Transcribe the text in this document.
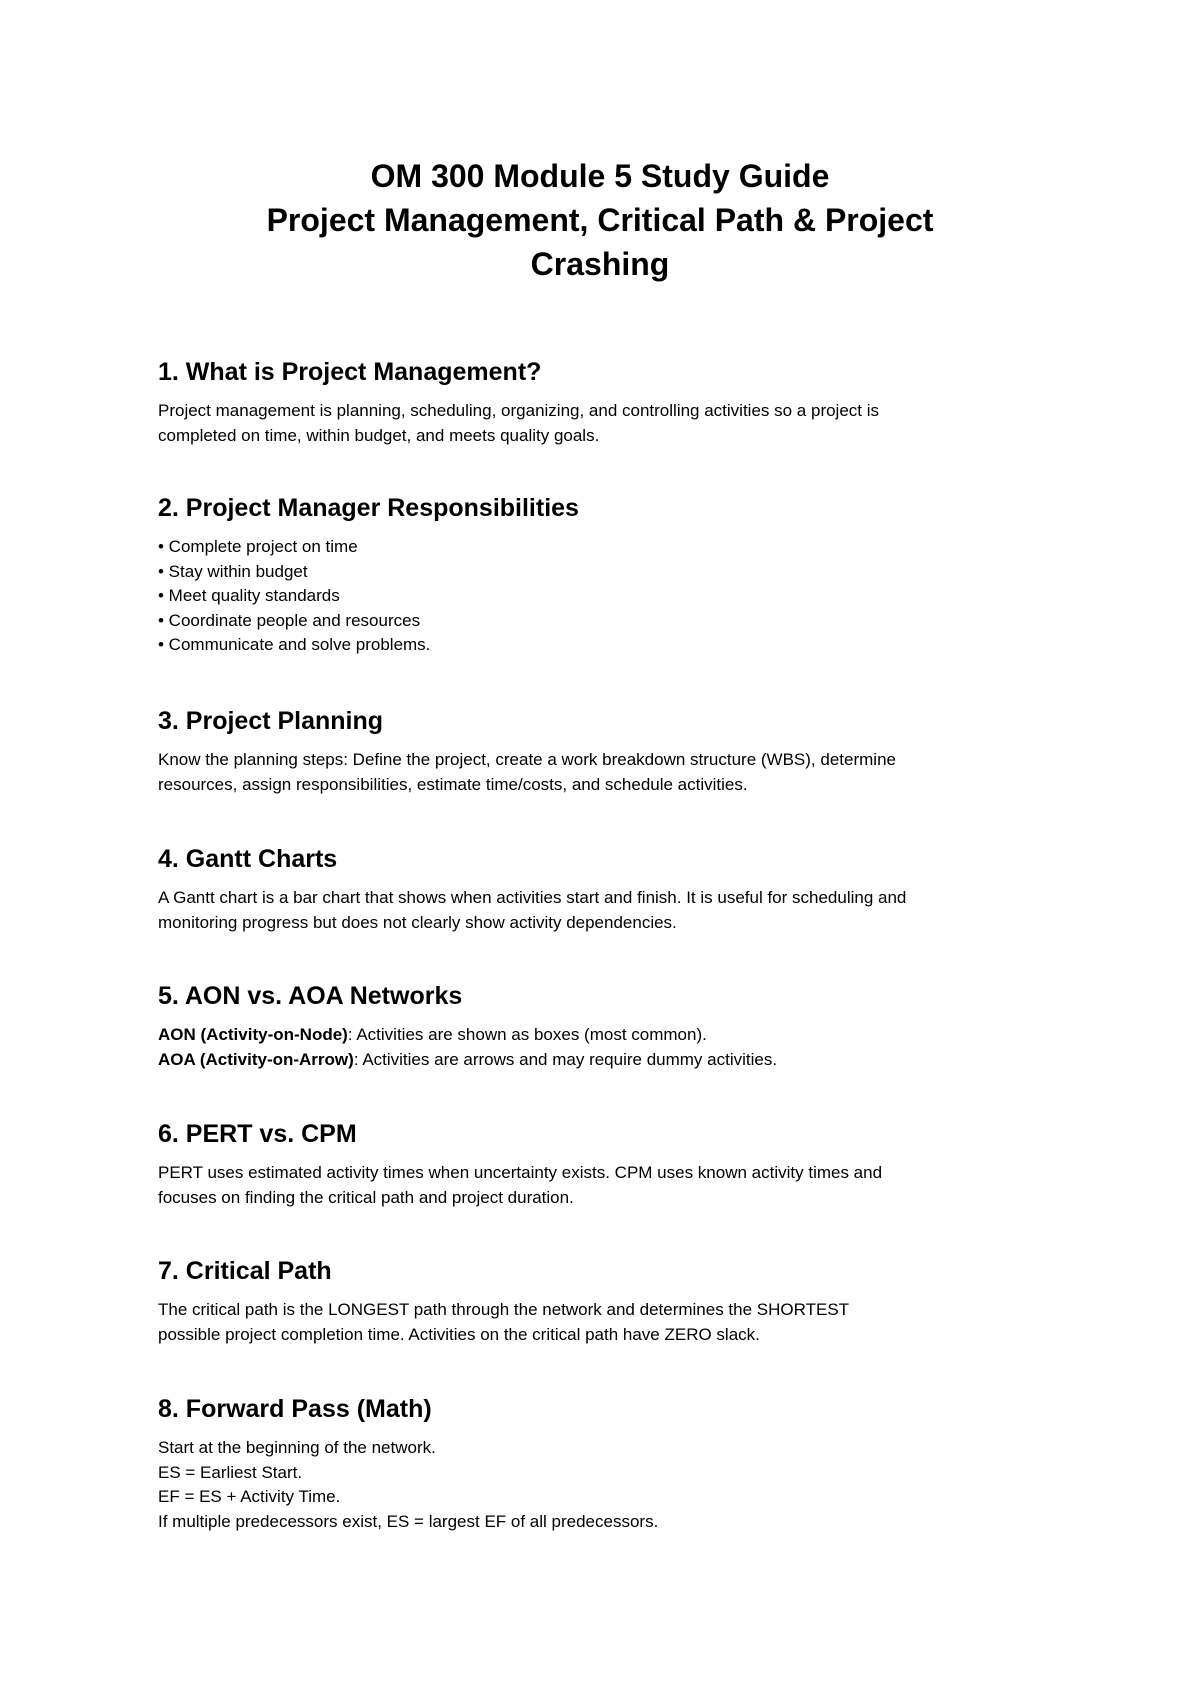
OM 300 Module 5 Study Guide
Project Management, Critical Path & Project
Crashing
1. What is Project Management?

Project management is planning, scheduling, organizing, and controlling activities so a project is
completed on time, within budget, and meets quality goals.

2. Project Manager Responsibilities
• Complete project on time
• Stay within budget
• Meet quality standards
• Coordinate people and resources
• Communicate and solve problems.
3. Project Planning

Know the planning steps: Define the project, create a work breakdown structure (WBS), determine
resources, assign responsibilities, estimate time/costs, and schedule activities.

4. Gantt Charts

A Gantt chart is a bar chart that shows when activities start and finish. It is useful for scheduling and
monitoring progress but does not clearly show activity dependencies.

5. AON vs. AOA Networks

AON (Activity-on-Node): Activities are shown as boxes (most common).
AOA (Activity-on-Arrow): Activities are arrows and may require dummy activities.

6. PERT vs. CPM

PERT uses estimated activity times when uncertainty exists. CPM uses known activity times and
focuses on finding the critical path and project duration.

7. Critical Path

The critical path is the LONGEST path through the network and determines the SHORTEST
possible project completion time. Activities on the critical path have ZERO slack.

8. Forward Pass (Math)

Start at the beginning of the network.
ES = Earliest Start.
EF = ES + Activity Time.
If multiple predecessors exist, ES = largest EF of all predecessors.
